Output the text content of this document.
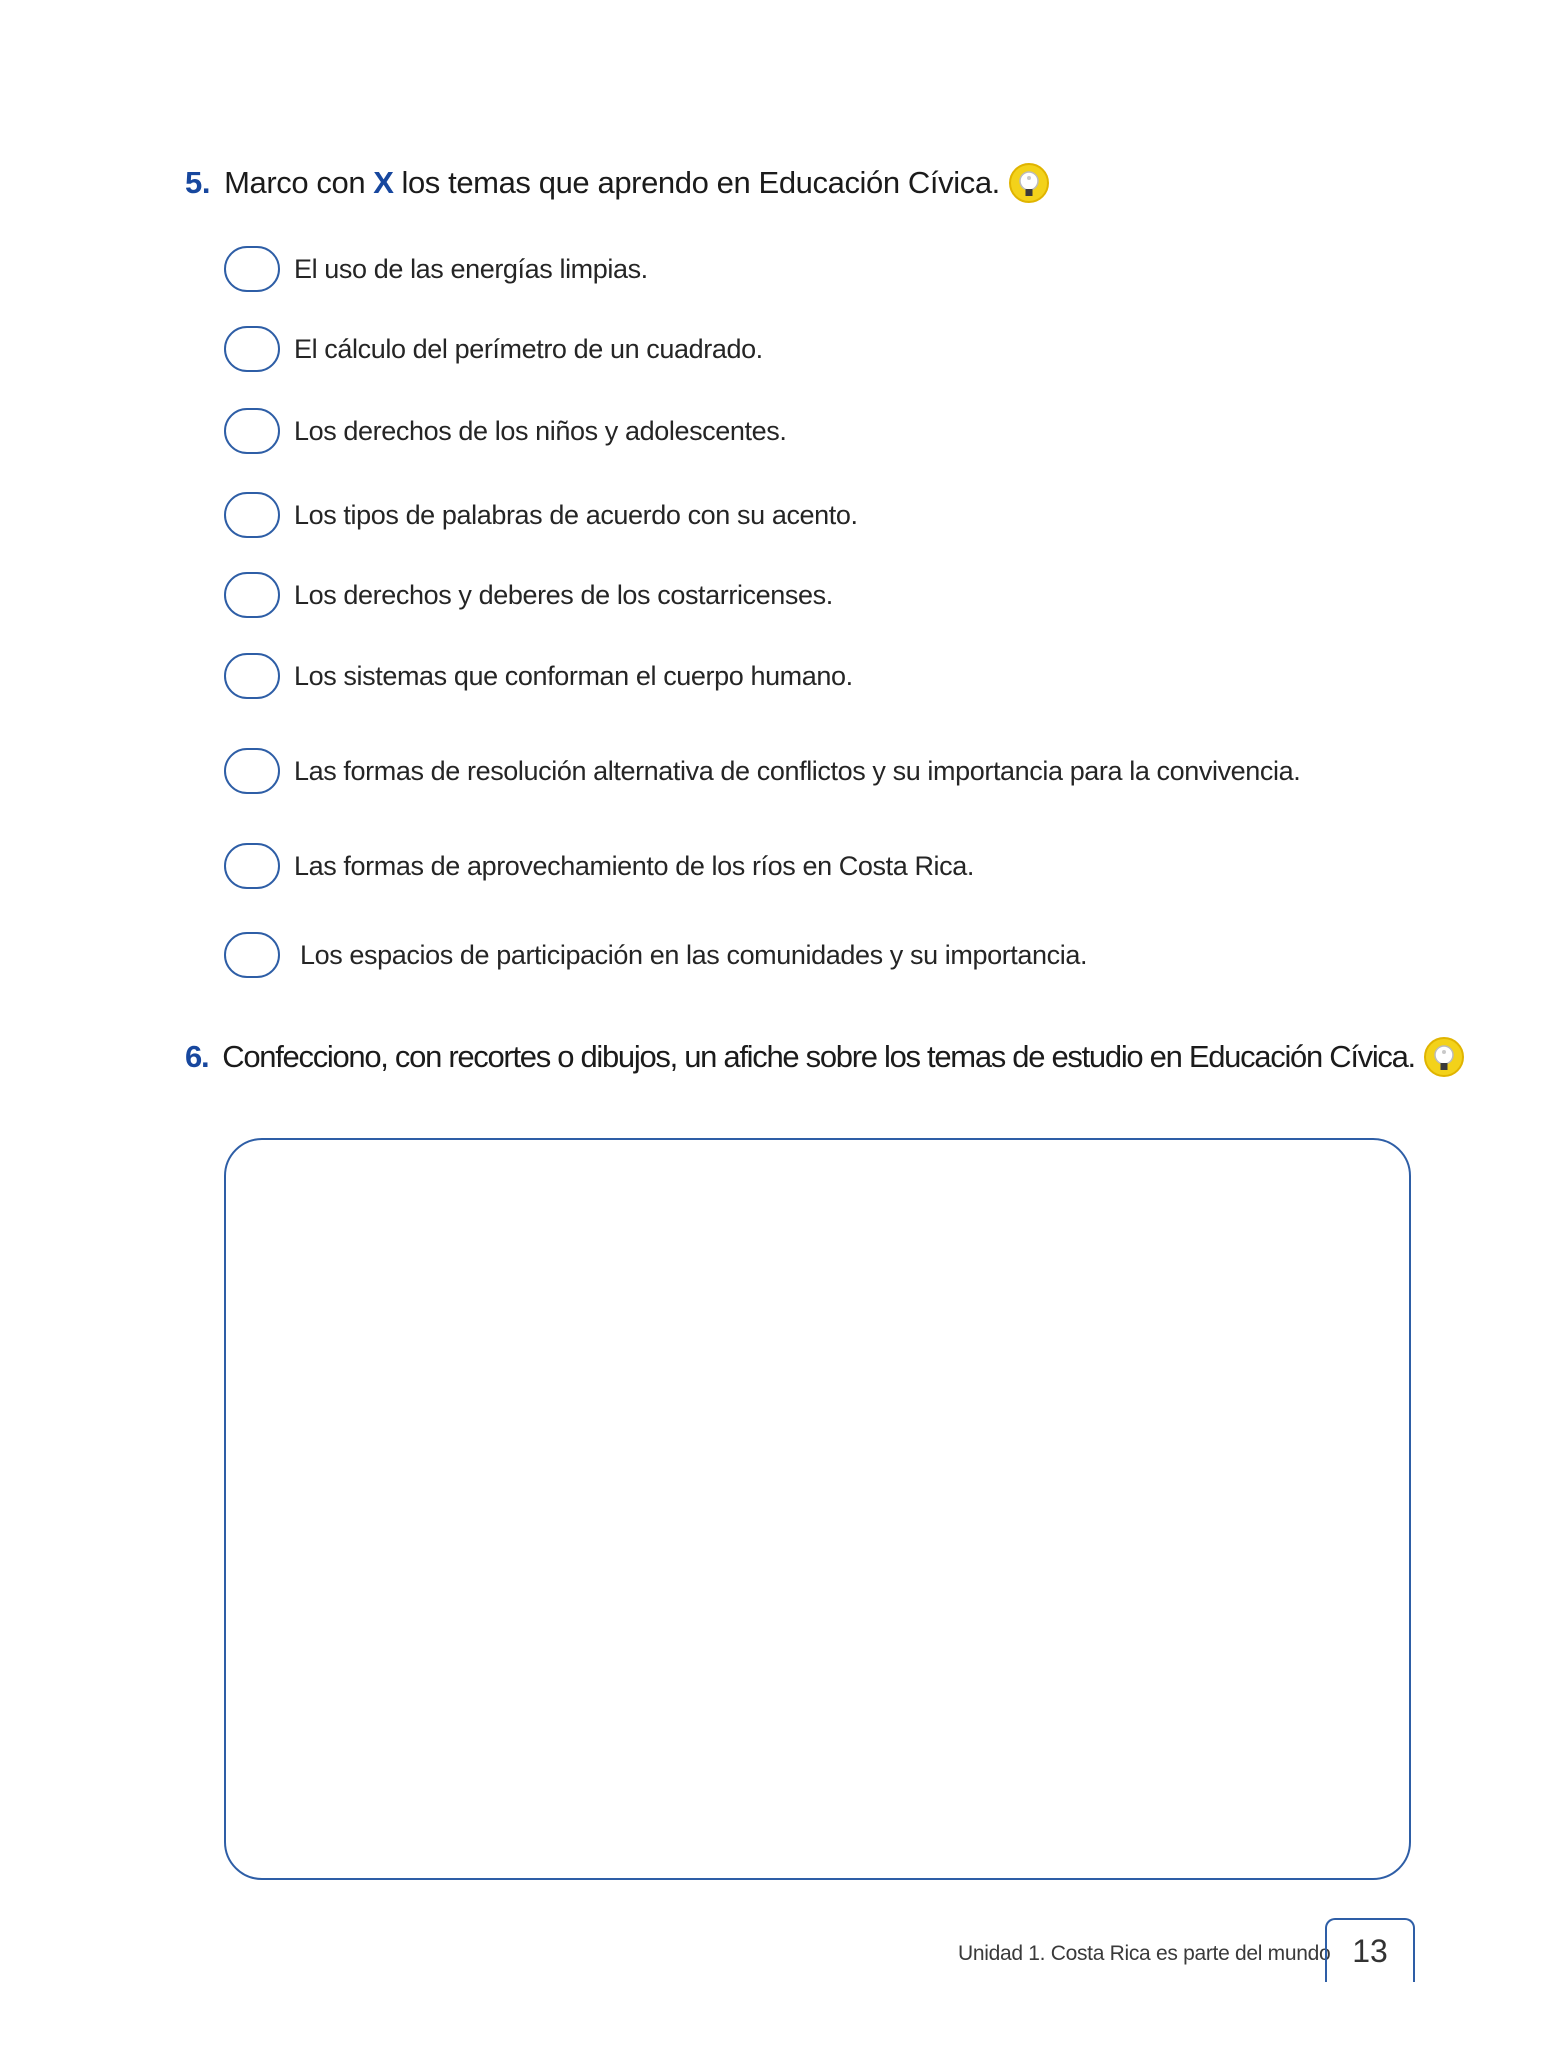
5. Marco con X los temas que aprendo en Educación Cívica.
El uso de las energías limpias.
El cálculo del perímetro de un cuadrado.
Los derechos de los niños y adolescentes.
Los tipos de palabras de acuerdo con su acento.
Los derechos y deberes de los costarricenses.
Los sistemas que conforman el cuerpo humano.
Las formas de resolución alternativa de conflictos y su importancia para la convivencia.
Las formas de aprovechamiento de los ríos en Costa Rica.
Los espacios de participación en las comunidades y su importancia.
6. Confecciono, con recortes o dibujos, un afiche sobre los temas de estudio en Educación Cívica.
Unidad 1. Costa Rica es parte del mundo 13
